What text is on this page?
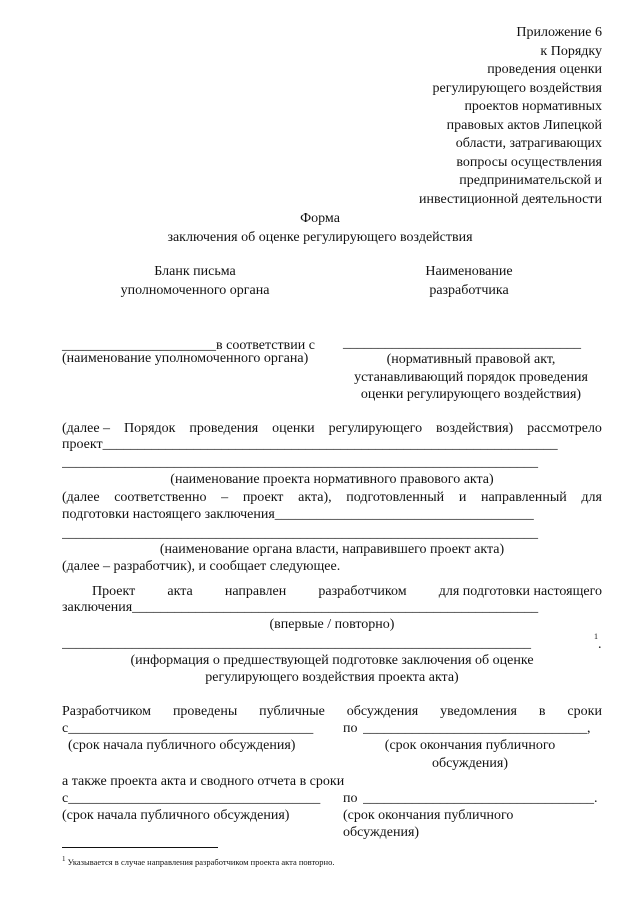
Приложение 6
к Порядку
проведения оценки
регулирующего воздействия
проектов нормативных
правовых актов Липецкой
области, затрагивающих
вопросы осуществления
предпринимательской и
инвестиционной деятельности
Форма
заключения об оценке регулирующего воздействия
Бланк письма
уполномоченного органа
Наименование
разработчика
______________________в соответствии с __________________________________
(наименование уполномоченного органа)	(нормативный правовой акт,
устанавливающий порядок проведения
оценки регулирующего воздействия)
(далее – Порядок проведения оценки регулирующего воздействия) рассмотрело
проект_________________________________________________________________
____________________________________________________________________
(наименование проекта нормативного правового акта)
(далее соответственно – проект акта), подготовленный и направленный для
подготовки настоящего заключения_____________________________________
____________________________________________________________________
(наименование органа власти, направившего проект акта)
(далее – разработчик), и сообщает следующее.
Проект акта направлен разработчиком для подготовки настоящего
заключения__________________________________________________________
(впервые / повторно)
___________________________________________________________________	1
.
(информация о предшествующей подготовке заключения об оценке
регулирующего воздействия проекта акта)
Разработчиком проведены публичные обсуждения уведомления в сроки
с___________________________________	по ________________________________,
(срок начала публичного обсуждения)	(срок окончания публичного
обсуждения)
а также проекта акта и сводного отчета в сроки
с____________________________________	по _________________________________.
(срок начала публичного обсуждения)	(срок окончания публичного
обсуждения)
$^1$ Указывается в случае направления разработчиком проекта акта повторно.
